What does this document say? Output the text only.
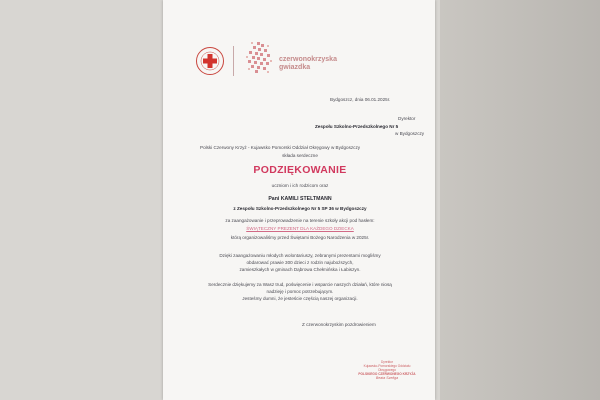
czerwonokrzyska
gwiazdka
Bydgoszcz, dnia 06.01.2025r.
Dyrektor
Zespołu Szkolno-Przedszkolnego Nr 5
w Bydgoszczy
Polski Czerwony Krzyż - Kujawsko Pomorski Oddział Okręgowy w Bydgoszczy
składa serdeczne
PODZIĘKOWANIE
uczniom i ich rodzicom oraz
Pani KAMILI STELTMANN
z Zespołu Szkolno-Przedszkolnego Nr 5 SP 36 w Bydgoszczy
za zaangażowanie i przeprowadzenie na terenie szkoły akcji pod hasłem:
ŚWIĄTECZNY PREZENT DLA KAŻDEGO DZIECKA
którą organizowaliśmy przed Świętami Bożego Narodzenia w 2025r.
Dzięki zaangażowaniu młodych wolontariuszy, zebranymi prezentami mogliśmy
obdarować prawie 300 dzieci z rodzin najuboższych,
zamieszkałych w gminach Dąbrowa Chełmińska i Łabiszyn.
Serdecznie dziękujemy za Wasz trud, poświęcenie i wsparcie naszych działań, które niosą
nadzieję i pomoc potrzebującym.
Jesteśmy dumni, że jesteście częścią naszej organizacji.
Z czerwonokrzyskim pozdrowieniem
Dyrektor
Kujawsko-Pomorskiego Oddziału Okręgowego
POLSKIEGO CZERWONEGO KRZYŻA
Beata Szeliga
